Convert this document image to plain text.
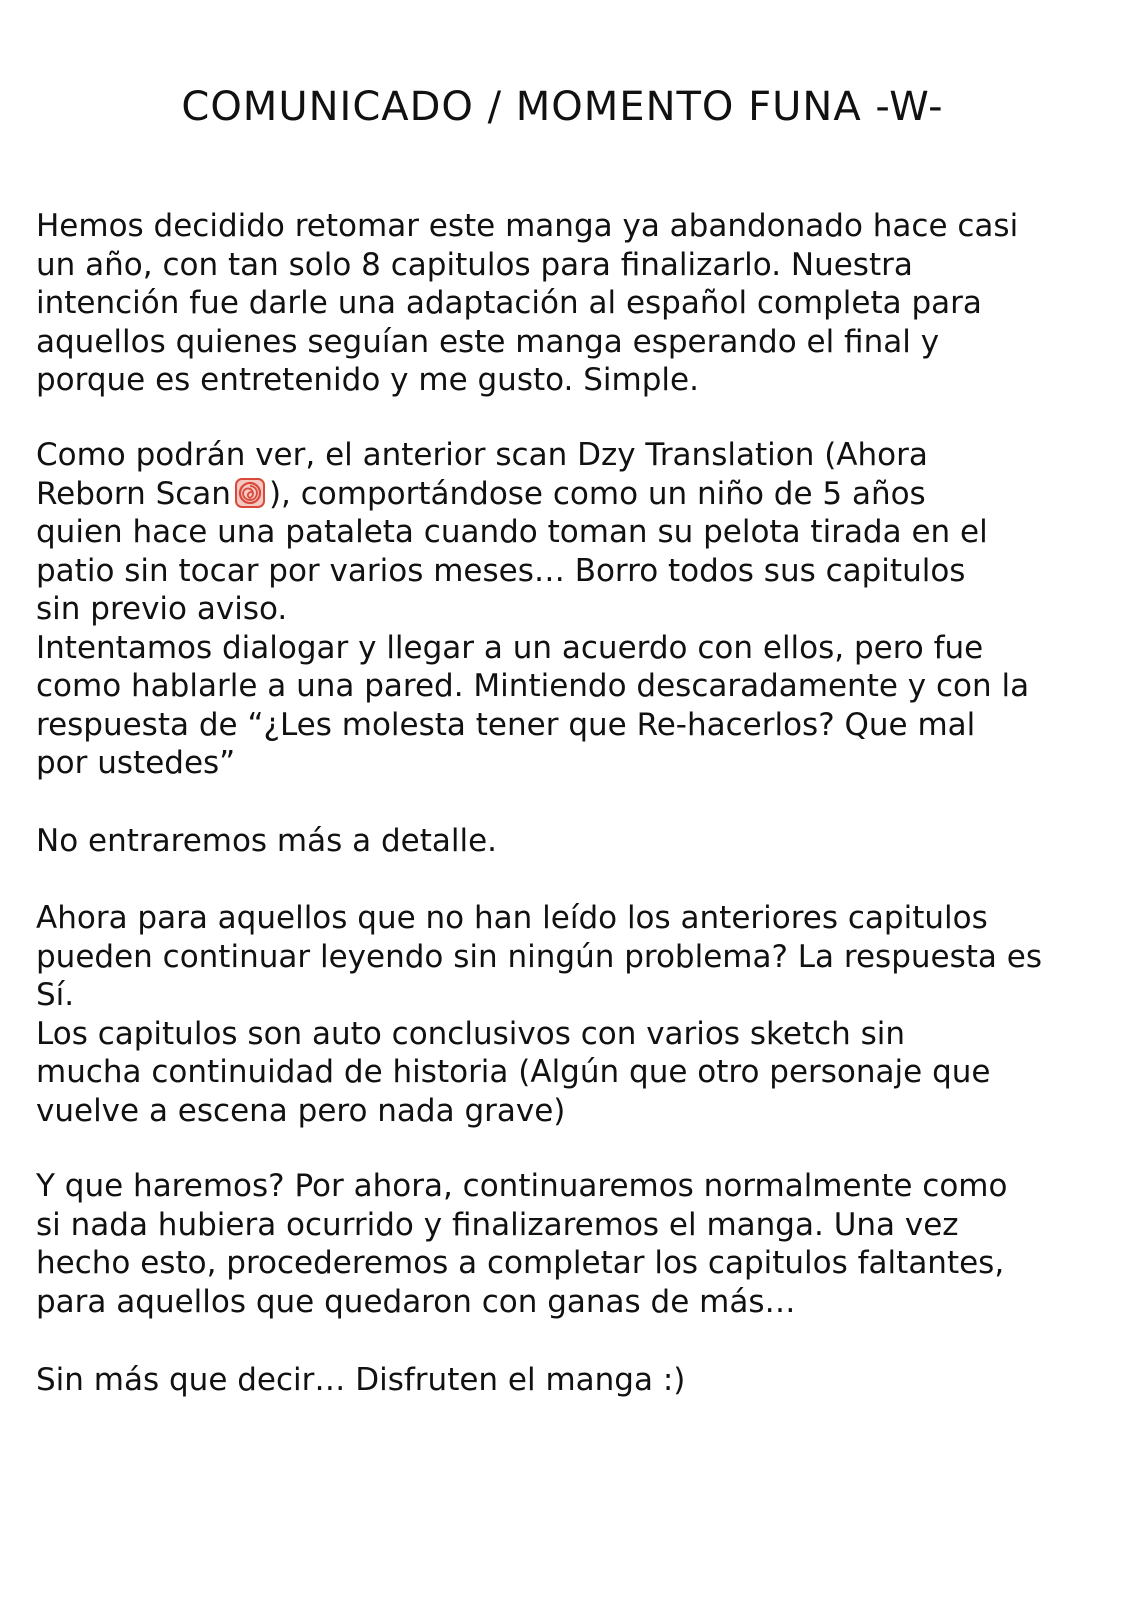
COMUNICADO / MOMENTO FUNA -W-
Hemos decidido retomar este manga ya abandonado hace casi
un año, con tan solo 8 capitulos para finalizarlo. Nuestra
intención fue darle una adaptación al español completa para
aquellos quienes seguían este manga esperando el final y
porque es entretenido y me gusto. Simple.
Como podrán ver, el anterior scan Dzy Translation (Ahora
Reborn Scan ), comportándose como un niño de 5 años
quien hace una pataleta cuando toman su pelota tirada en el
patio sin tocar por varios meses… Borro todos sus capitulos
sin previo aviso.
Intentamos dialogar y llegar a un acuerdo con ellos, pero fue
como hablarle a una pared. Mintiendo descaradamente y con la
respuesta de “¿Les molesta tener que Re-hacerlos? Que mal
por ustedes”
No entraremos más a detalle.
Ahora para aquellos que no han leído los anteriores capitulos
pueden continuar leyendo sin ningún problema? La respuesta es
Sí.
Los capitulos son auto conclusivos con varios sketch sin
mucha continuidad de historia (Algún que otro personaje que
vuelve a escena pero nada grave)
Y que haremos? Por ahora, continuaremos normalmente como
si nada hubiera ocurrido y finalizaremos el manga. Una vez
hecho esto, procederemos a completar los capitulos faltantes,
para aquellos que quedaron con ganas de más…
Sin más que decir… Disfruten el manga :)
